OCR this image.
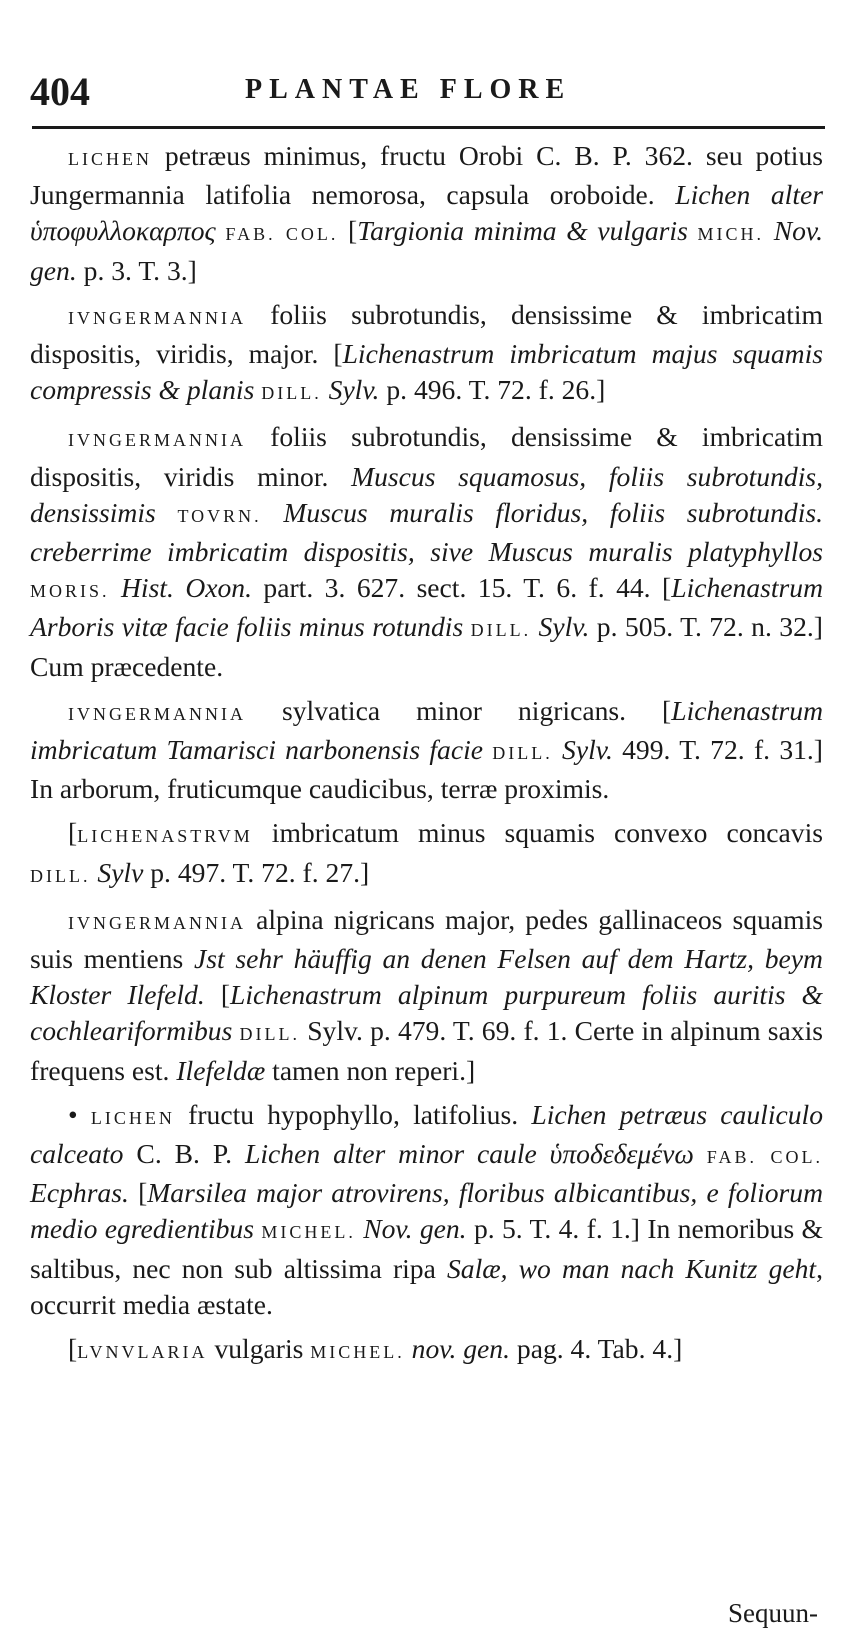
404	PLANTAE FLORE

LICHEN petræus minimus, fructu Orobi C. B. P. 362. seu potius Jungermannia latifolia nemorosa, capsula oroboide. Lichen alter ὑποφυλλοκαρπος FAB. COL. [Targionia minima & vulgaris MICH. Nov. gen. p. 3. T. 3.]

IVNGERMANNIA foliis subrotundis, densissime & imbricatim dispositis, viridis, major. [Lichenastrum imbricatum majus squamis compressis & planis DILL. Sylv. p. 496. T. 72. f. 26.]

IVNGERMANNIA foliis subrotundis, densissime & imbricatim dispositis, viridis minor. Muscus squamosus, foliis subrotundis, densissimis TOVRN. Muscus muralis floridus, foliis subrotundis. creberrime imbricatim dispositis, sive Muscus muralis platyphyllos MORIS. Hist. Oxon. part. 3. 627. sect. 15. T. 6. f. 44. [Lichenastrum Arboris vitæ facie foliis minus rotundis DILL. Sylv. p. 505. T. 72. n. 32.] Cum præcedente.

IVNGERMANNIA sylvatica minor nigricans. [Lichenastrum imbricatum Tamarisci narbonensis facie DILL. Sylv. 499. T. 72. f. 31.] In arborum, fruticumque caudicibus, terræ proximis.

[LICHENASTRVM imbricatum minus squamis convexo concavis DILL. Sylv p. 497. T. 72. f. 27.]

IVNGERMANNIA alpina nigricans major, pedes gallinaceos squamis suis mentiens Jst sehr häuffig an denen Felsen auf dem Hartz, beym Kloster Ilefeld. [Lichenastrum alpinum purpureum foliis auritis & cochleariformibus DILL. Sylv. p. 479. T. 69. f. 1. Certe in alpinum saxis frequens est. Ilefeldæ tamen non reperi.]

• LICHEN fructu hypophyllo, latifolius. Lichen petræus cauliculo calceato C. B. P. Lichen alter minor caule ὑποδεδεμένω FAB. COL. Ecphras. [Marsilea major atrovirens, floribus albicantibus, e foliorum medio egredientibus MICHEL. Nov. gen. p. 5. T. 4. f. 1.] In nemoribus & saltibus, nec non sub altissima ripa Salæ, wo man nach Kunitz geht, occurrit media æstate.

[LVNVLARIA vulgaris MICHEL. nov. gen. pag. 4. Tab. 4.]

Sequun-
